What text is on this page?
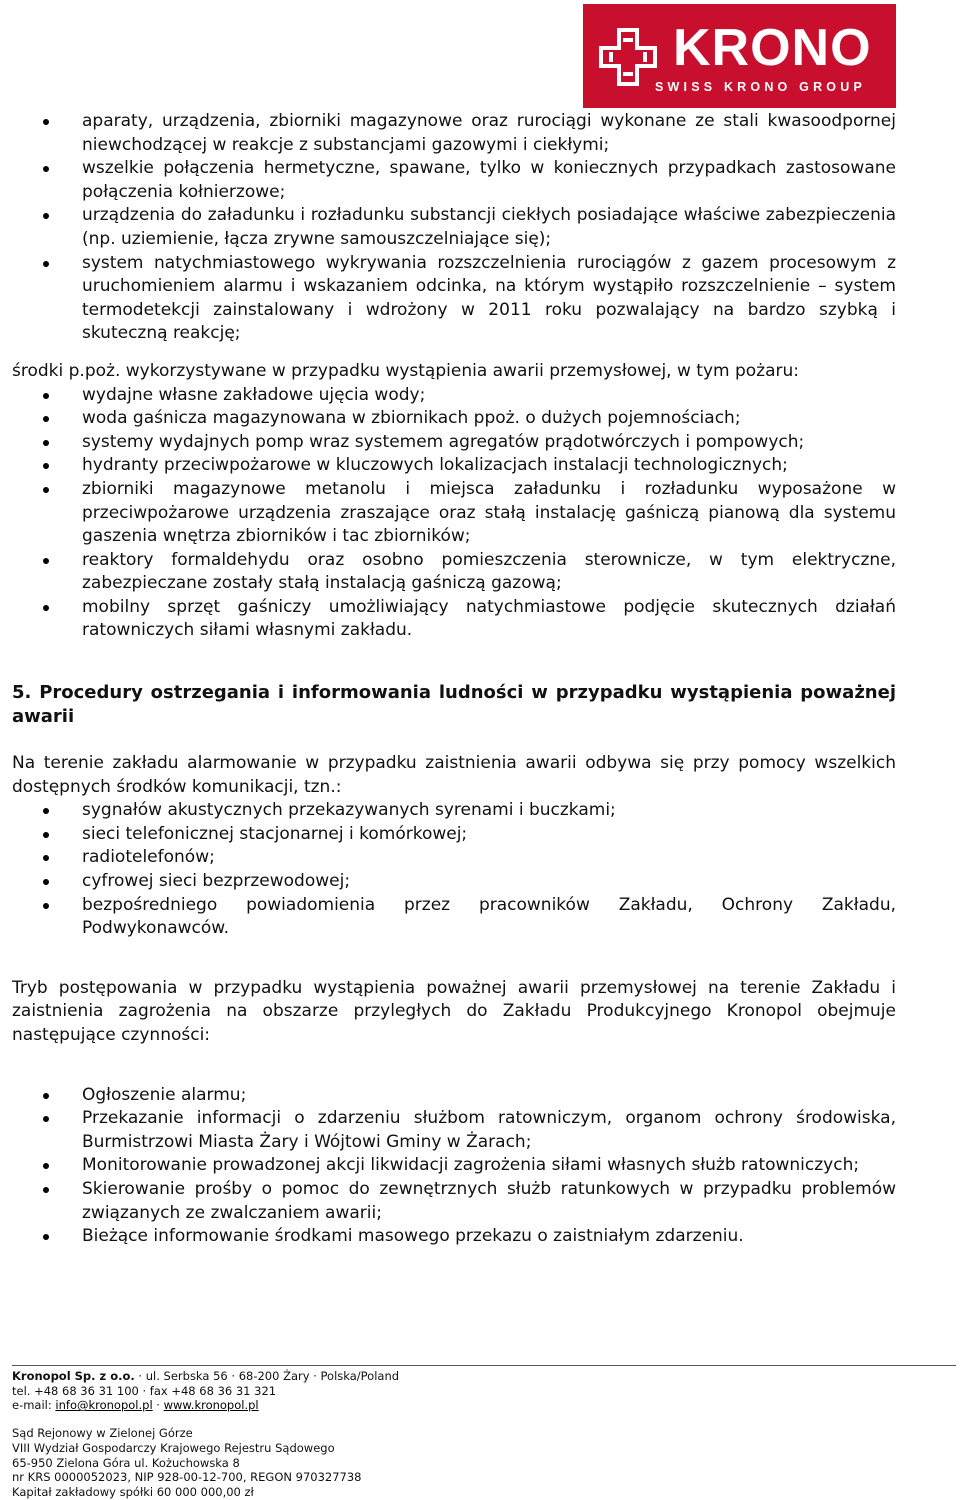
KRONO
SWISS KRONO GROUP
aparaty, urządzenia, zbiorniki magazynowe oraz rurociągi wykonane ze stali kwasoodpornej niewchodzącej w reakcje z substancjami gazowymi i ciekłymi;
wszelkie połączenia hermetyczne, spawane, tylko w koniecznych przypadkach zastosowane połączenia kołnierzowe;
urządzenia do załadunku i rozładunku substancji ciekłych posiadające właściwe zabezpieczenia (np. uziemienie, łącza zrywne samouszczelniające się);
system natychmiastowego wykrywania rozszczelnienia rurociągów z gazem procesowym z uruchomieniem alarmu i wskazaniem odcinka, na którym wystąpiło rozszczelnienie – system termodetekcji zainstalowany i wdrożony w 2011 roku pozwalający na bardzo szybką i skuteczną reakcję;

środki p.poż. wykorzystywane w przypadku wystąpienia awarii przemysłowej, w tym pożaru:

wydajne własne zakładowe ujęcia wody;
woda gaśnicza magazynowana w zbiornikach ppoż. o dużych pojemnościach;
systemy wydajnych pomp wraz systemem agregatów prądotwórczych i pompowych;
hydranty przeciwpożarowe w kluczowych lokalizacjach instalacji technologicznych;
zbiorniki magazynowe metanolu i miejsca załadunku i rozładunku wyposażone w przeciwpożarowe urządzenia zraszające oraz stałą instalację gaśniczą pianową dla systemu gaszenia wnętrza zbiorników i tac zbiorników;
reaktory formaldehydu oraz osobno pomieszczenia sterownicze, w tym elektryczne, zabezpieczane zostały stałą instalacją gaśniczą gazową;
mobilny sprzęt gaśniczy umożliwiający natychmiastowe podjęcie skutecznych działań ratowniczych siłami własnymi zakładu.
5. Procedury ostrzegania i informowania ludności w przypadku wystąpienia poważnej awarii

Na terenie zakładu alarmowanie w przypadku zaistnienia awarii odbywa się przy pomocy wszelkich dostępnych środków komunikacji, tzn.:

sygnałów akustycznych przekazywanych syrenami i buczkami;
sieci telefonicznej stacjonarnej i komórkowej;
radiotelefonów;
cyfrowej sieci bezprzewodowej;
bezpośredniego powiadomienia przez pracowników Zakładu, Ochrony Zakładu, Podwykonawców.

Tryb postępowania w przypadku wystąpienia poważnej awarii przemysłowej na terenie Zakładu i zaistnienia zagrożenia na obszarze przyległych do Zakładu Produkcyjnego Kronopol obejmuje następujące czynności:

Ogłoszenie alarmu;
Przekazanie informacji o zdarzeniu służbom ratowniczym, organom ochrony środowiska, Burmistrzowi Miasta Żary i Wójtowi Gminy w Żarach;
Monitorowanie prowadzonej akcji likwidacji zagrożenia siłami własnych służb ratowniczych;
Skierowanie prośby o pomoc do zewnętrznych służb ratunkowych w przypadku problemów związanych ze zwalczaniem awarii;
Bieżące informowanie środkami masowego przekazu o zaistniałym zdarzeniu.
Kronopol Sp. z o.o. · ul. Serbska 56 · 68-200 Żary · Polska/Poland
tel. +48 68 36 31 100 · fax +48 68 36 31 321
e-mail: info@kronopol.pl · www.kronopol.pl
Sąd Rejonowy w Zielonej Górze
VIII Wydział Gospodarczy Krajowego Rejestru Sądowego
65-950 Zielona Góra ul. Kożuchowska 8
nr KRS 0000052023, NIP 928-00-12-700, REGON 970327738
Kapitał zakładowy spółki 60 000 000,00 zł
